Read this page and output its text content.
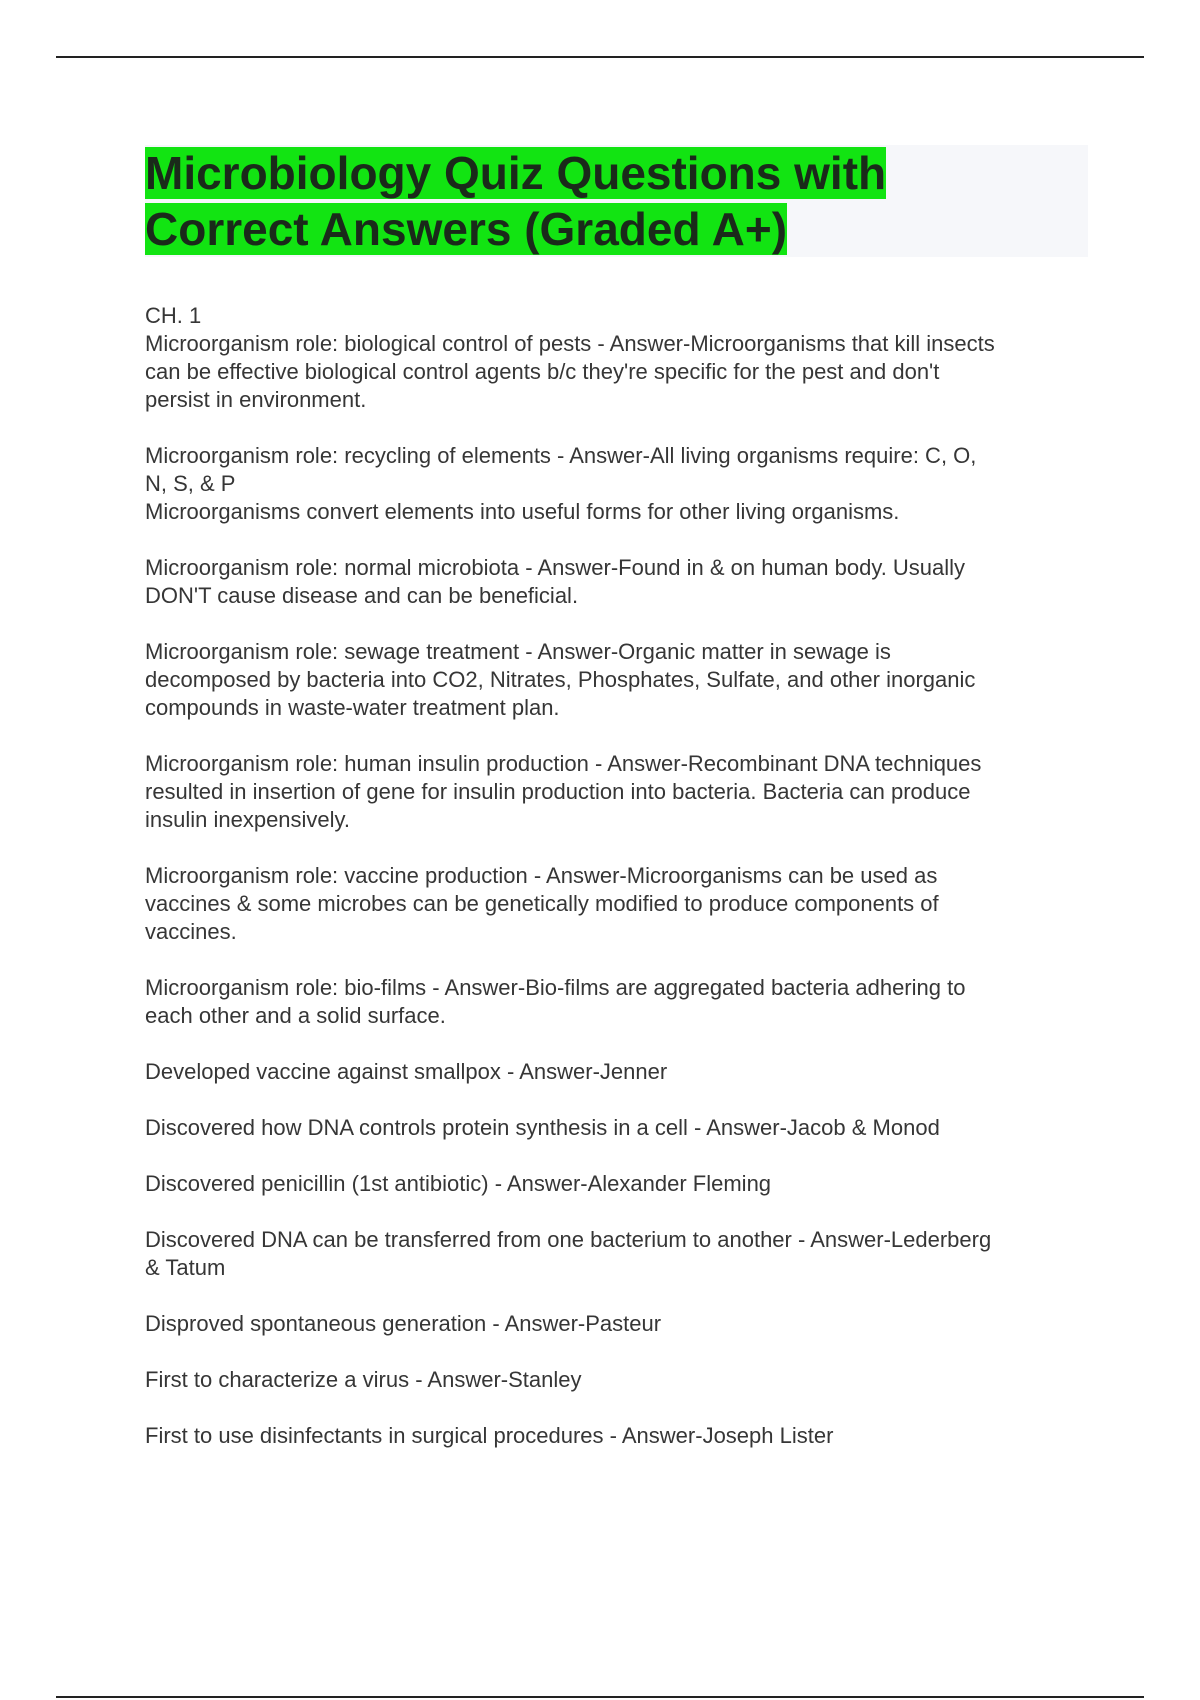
Microbiology Quiz Questions with
Correct Answers (Graded A+)

CH. 1

Microorganism role: biological control of pests - Answer-Microorganisms that kill insects
can be effective biological control agents b/c they're specific for the pest and don't
persist in environment.

Microorganism role: recycling of elements - Answer-All living organisms require: C, O,
N, S, & P
Microorganisms convert elements into useful forms for other living organisms.

Microorganism role: normal microbiota - Answer-Found in & on human body. Usually
DON'T cause disease and can be beneficial.

Microorganism role: sewage treatment - Answer-Organic matter in sewage is
decomposed by bacteria into CO2, Nitrates, Phosphates, Sulfate, and other inorganic
compounds in waste-water treatment plan.

Microorganism role: human insulin production - Answer-Recombinant DNA techniques
resulted in insertion of gene for insulin production into bacteria. Bacteria can produce
insulin inexpensively.

Microorganism role: vaccine production - Answer-Microorganisms can be used as
vaccines & some microbes can be genetically modified to produce components of
vaccines.

Microorganism role: bio-films - Answer-Bio-films are aggregated bacteria adhering to
each other and a solid surface.

Developed vaccine against smallpox - Answer-Jenner

Discovered how DNA controls protein synthesis in a cell - Answer-Jacob & Monod

Discovered penicillin (1st antibiotic) - Answer-Alexander Fleming

Discovered DNA can be transferred from one bacterium to another - Answer-Lederberg
& Tatum

Disproved spontaneous generation - Answer-Pasteur

First to characterize a virus - Answer-Stanley

First to use disinfectants in surgical procedures - Answer-Joseph Lister
